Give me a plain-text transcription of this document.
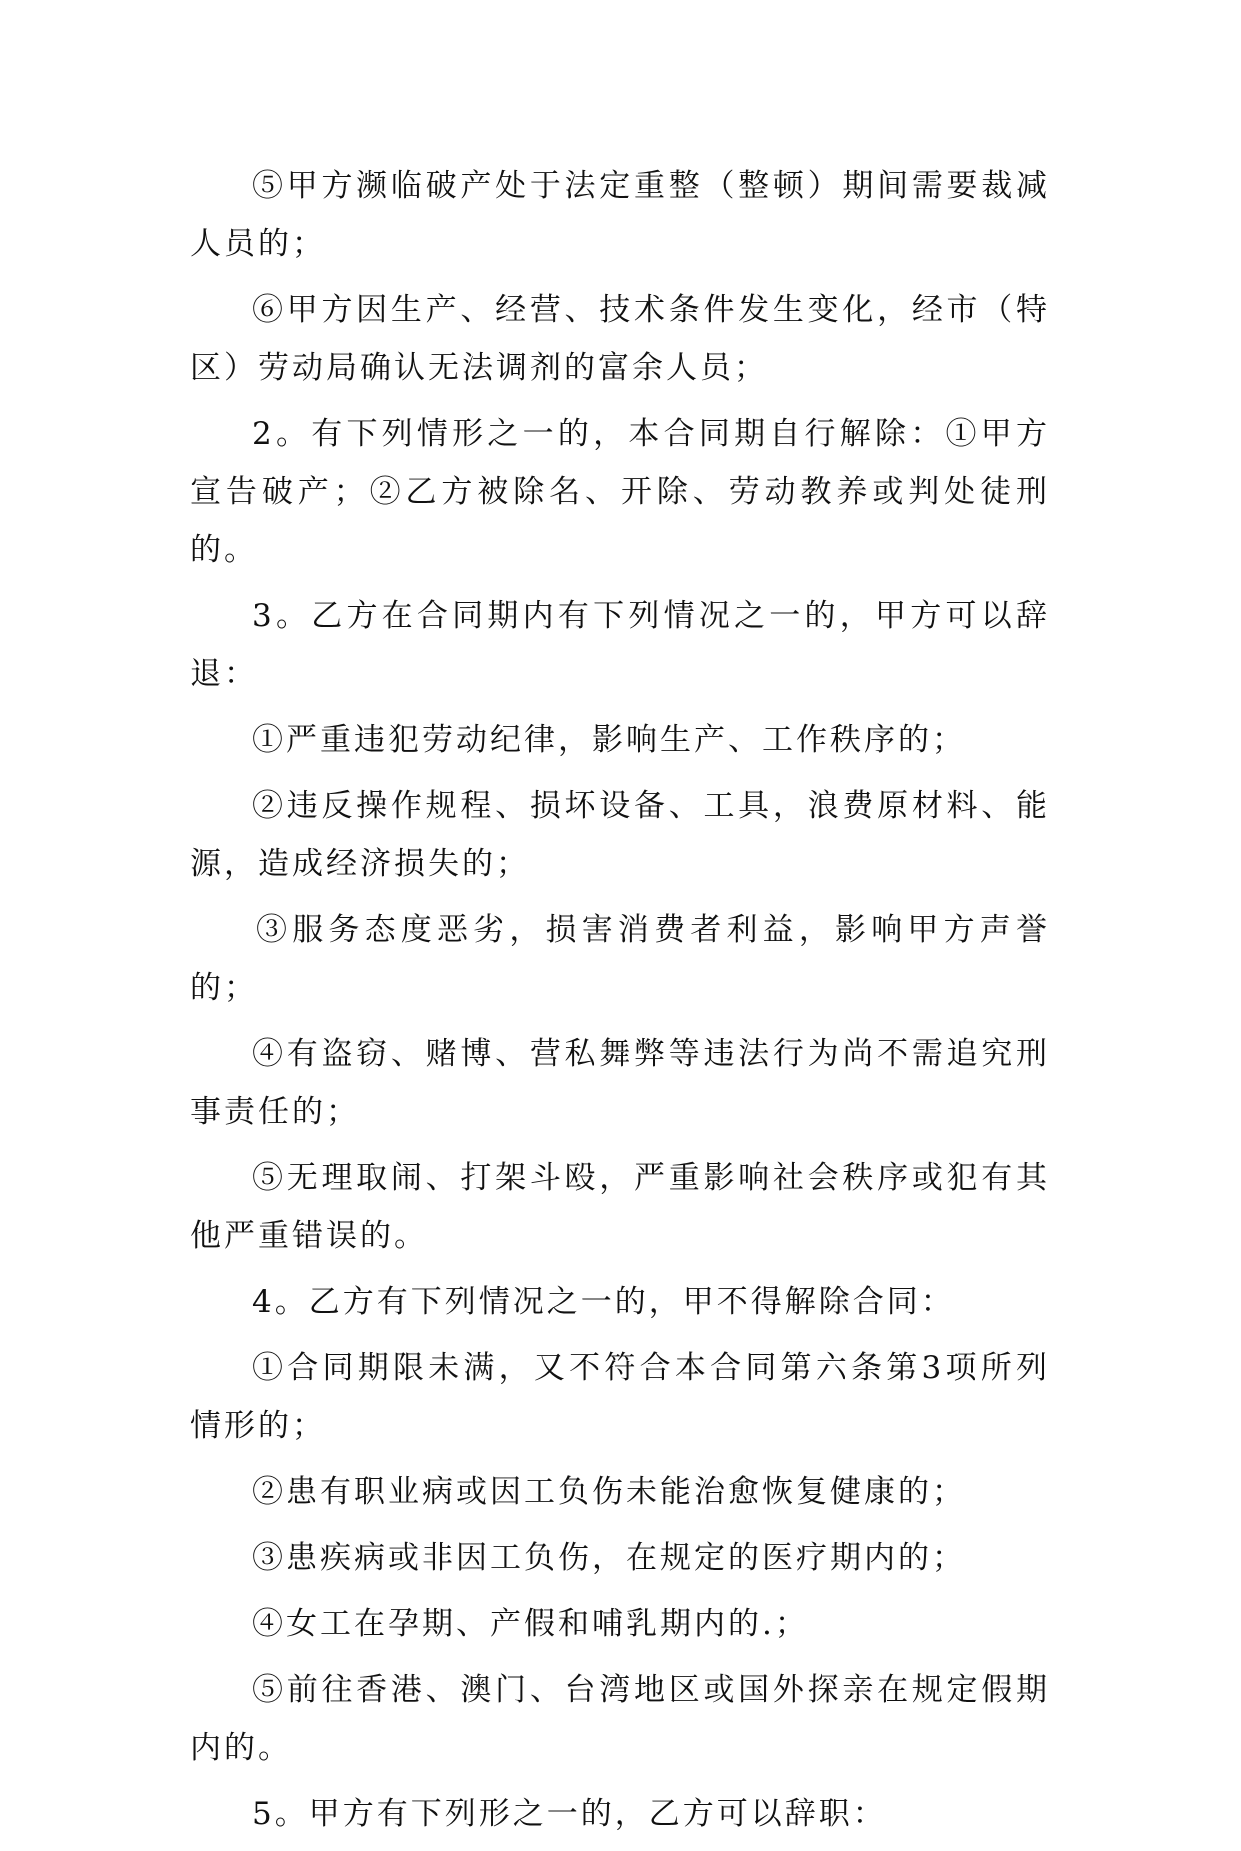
⑤甲方濒临破产处于法定重整（整顿）期间需要裁减人员的；

⑥甲方因生产、经营、技术条件发生变化，经市（特区）劳动局确认无法调剂的富余人员；

2。有下列情形之一的，本合同期自行解除：①甲方宣告破产；②乙方被除名、开除、劳动教养或判处徒刑的。

3。乙方在合同期内有下列情况之一的，甲方可以辞退：

①严重违犯劳动纪律，影响生产、工作秩序的；

②违反操作规程、损坏设备、工具，浪费原材料、能源，造成经济损失的；

③服务态度恶劣，损害消费者利益，影响甲方声誉的；

④有盗窃、赌博、营私舞弊等违法行为尚不需追究刑事责任的；

⑤无理取闹、打架斗殴，严重影响社会秩序或犯有其他严重错误的。

4。乙方有下列情况之一的，甲不得解除合同：

①合同期限未满，又不符合本合同第六条第3项所列情形的；

②患有职业病或因工负伤未能治愈恢复健康的；

③患疾病或非因工负伤，在规定的医疗期内的；

④女工在孕期、产假和哺乳期内的.；

⑤前往香港、澳门、台湾地区或国外探亲在规定假期内的。

5。甲方有下列形之一的，乙方可以辞职：
